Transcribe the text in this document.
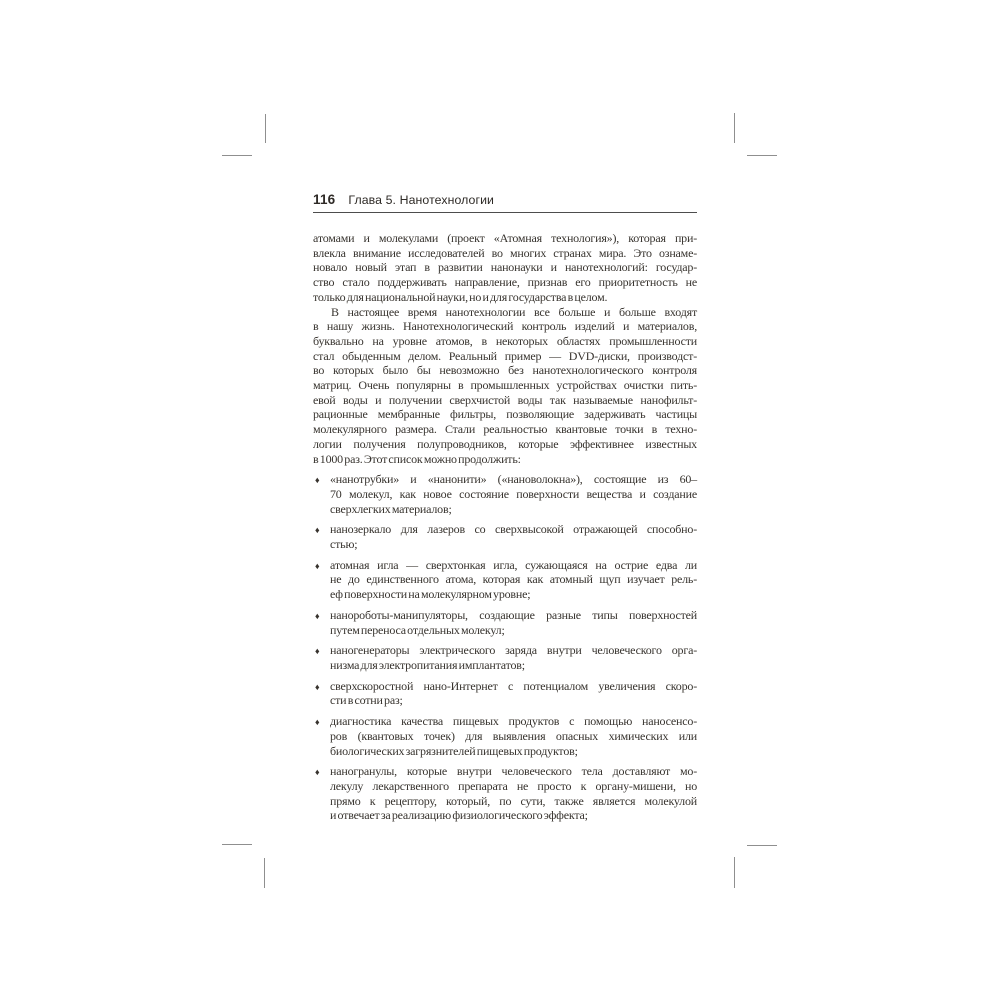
116 Глава 5. Нанотехнологии
атомами и молекулами (проект «Атомная технология»), которая при-
влекла внимание исследователей во многих странах мира. Это ознаме-
новало новый этап в развитии нанонауки и нанотехнологий: государ-
ство стало поддерживать направление, признав его приоритетность не
только для национальной науки, но и для государства в целом.
В настоящее время нанотехнологии все больше и больше входят
в нашу жизнь. Нанотехнологический контроль изделий и материалов,
буквально на уровне атомов, в некоторых областях промышленности
стал обыденным делом. Реальный пример — DVD-диски, производст-
во которых было бы невозможно без нанотехнологического контроля
матриц. Очень популярны в промышленных устройствах очистки пить-
евой воды и получении сверхчистой воды так называемые нанофильт-
рационные мембранные фильтры, позволяющие задерживать частицы
молекулярного размера. Стали реальностью квантовые точки в техно-
логии получения полупроводников, которые эффективнее известных
в 1000 раз. Этот список можно продолжить:
♦ «нанотрубки» и «нанонити» («нановолокна»), состоящие из 60–
70 молекул, как новое состояние поверхности вещества и создание
сверхлегких материалов;
♦ нанозеркало для лазеров со сверхвысокой отражающей способно-
стью;
♦ атомная игла — сверхтонкая игла, сужающаяся на острие едва ли
не до единственного атома, которая как атомный щуп изучает рель-
еф поверхности на молекулярном уровне;
♦ нанороботы-манипуляторы, создающие разные типы поверхностей
путем переноса отдельных молекул;
♦ наногенераторы электрического заряда внутри человеческого орга-
низма для электропитания имплантатов;
♦ сверхскоростной нано-Интернет с потенциалом увеличения скоро-
сти в сотни раз;
♦ диагностика качества пищевых продуктов с помощью наносенсо-
ров (квантовых точек) для выявления опасных химических или
биологических загрязнителей пищевых продуктов;
♦ наногранулы, которые внутри человеческого тела доставляют мо-
лекулу лекарственного препарата не просто к органу-мишени, но
прямо к рецептору, который, по сути, также является молекулой
и отвечает за реализацию физиологического эффекта;
